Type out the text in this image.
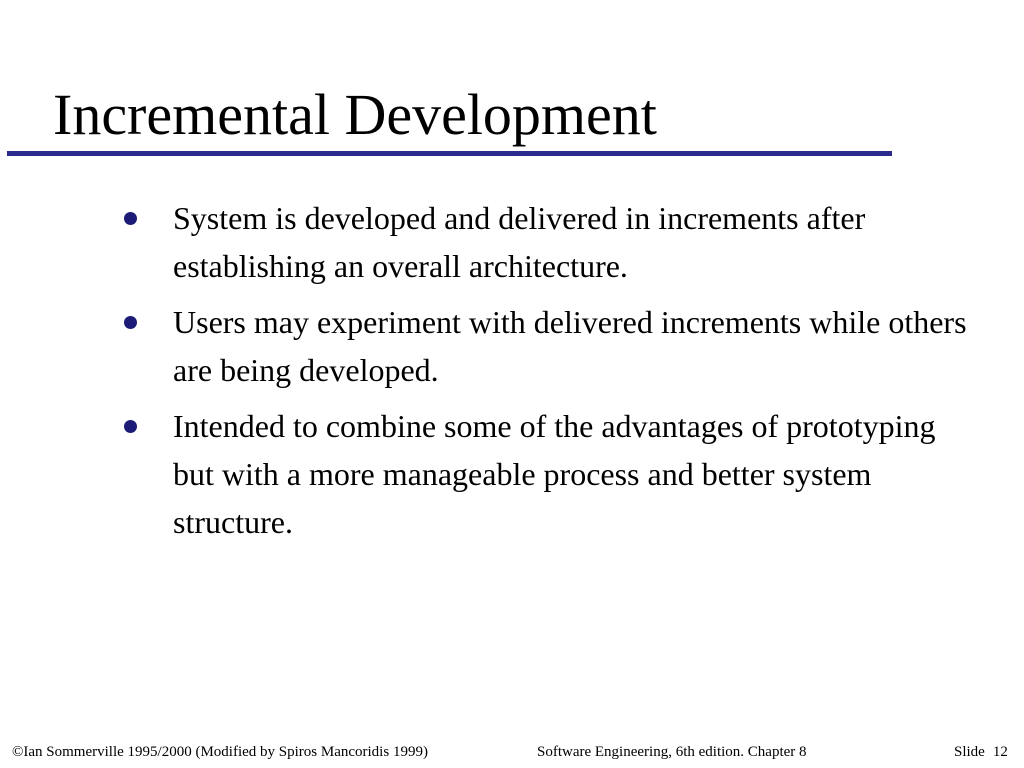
Incremental Development
System is developed and delivered in increments after establishing an overall architecture.
Users may experiment with delivered increments while others are being developed.
Intended to combine some of the advantages of prototyping but with a more manageable process and better system structure.
©Ian Sommerville 1995/2000 (Modified by Spiros Mancoridis 1999)	Software Engineering, 6th edition. Chapter 8	Slide 12
